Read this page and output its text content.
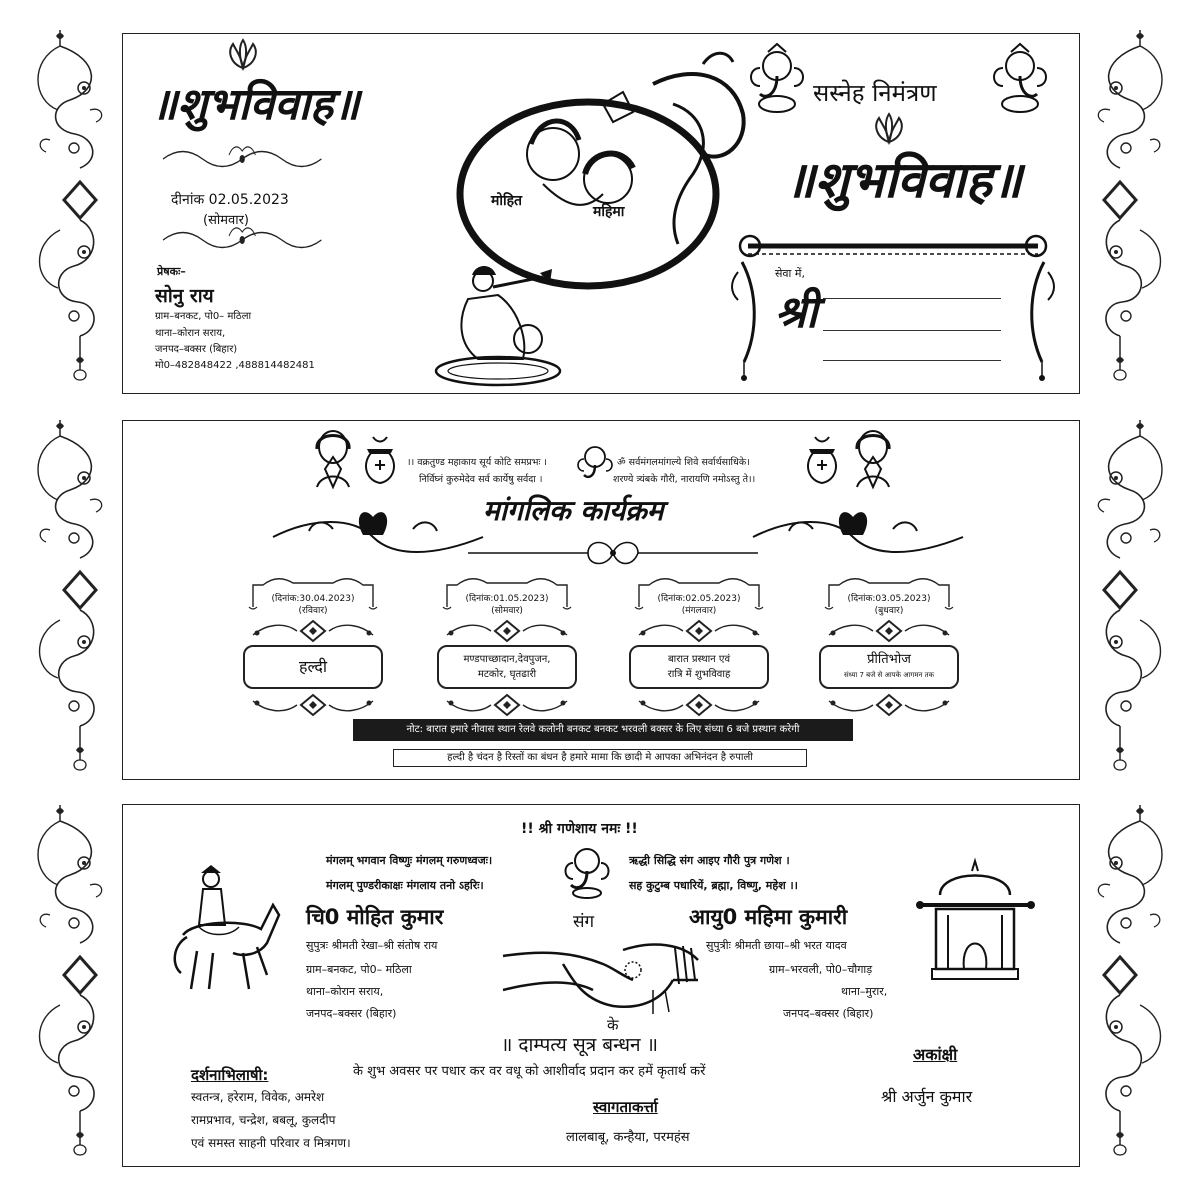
॥शुभविवाह॥
दीनांक 02.05.2023
(सोमवार)
प्रेषकः–
सोनु राय
ग्राम–बनकट, पो0– मठिला
थाना–कोरान सराय,
जनपद–बक्सर (बिहार)
मो0–482848422 ,488814482481
मोहित
महिमा
सस्नेह निमंत्रण
॥शुभविवाह॥
सेवा में,
श्री
।। वक्रतुण्ड महाकाय सूर्य कोटि समप्रभः ।
निर्विघ्नं कुरुमेदेव सर्व कार्येषु सर्वदा ।
ॐ सर्वमंगलमांगल्ये शिवे सर्वार्थसाधिके।
शरण्ये त्र्यंबके गौरी, नारायणि नमोऽस्तु ते।।
मांगलिक कार्यक्रम
(दिनांक:30.04.2023)
(रविवार)
हल्दी
(दिनांक:01.05.2023)
(सोमवार)
मण्डपाच्छादान,देवपुजन,
मटकोर, घृतढारी
(दिनांक:02.05.2023)
(मंगलवार)
बारात प्रस्थान एवं
रात्रि में शुभविवाह
(दिनांक:03.05.2023)
(बुधवार)
प्रीतिभोज
संध्या 7 बजे से आपके आगमन तक
नोट: बारात हमारे नीवास स्थान रेलवे कलोनी बनकट बनकट भरवली बक्सर के लिए संध्या 6 बजे प्रस्थान करेगी
हल्दी है चंदन है रिस्तों का बंधन है हमारे मामा कि छादी मे आपका अभिनंदन है रुपाली
!! श्री गणेशाय नमः !!
मंगलम् भगवान विष्णुः मंगलम् गरुणध्वजः।
मंगलम् पुण्डरीकाक्षः मंगलाय तनो ऽहरिः।
ऋद्धी सिद्धि संग आइए गौरी पुत्र गणेश ।
सह कुटुम्ब पधारियें, ब्रह्मा, विष्णु, महेश ।।
चि0 मोहित कुमार
सुपुत्रः श्रीमती रेखा–श्री संतोष राय
ग्राम–बनकट, पो0– मठिला
थाना–कोरान सराय,
जनपद–बक्सर (बिहार)
संग	आयु0 महिमा कुमारी
सुपुत्रीः श्रीमती छाया–श्री भरत यादव
ग्राम–भरवली, पो0–चौगाड़
थाना–मुरार,
जनपद–बक्सर (बिहार)
के
॥ दाम्पत्य सूत्र बन्धन ॥	अकांक्षी
के शुभ अवसर पर पधार कर वर वधू को आशीर्वाद प्रदान कर हमें कृतार्थ करें
दर्शनाभिलाषी:
स्वतन्त्र, हरेराम, विवेक, अमरेश
रामप्रभाव, चन्द्रेश, बबलू, कुलदीप
एवं समस्त साहनी परिवार व मित्रगण।
स्वागताकर्त्ता
लालबाबू, कन्हैया, परमहंस
श्री अर्जुन कुमार
